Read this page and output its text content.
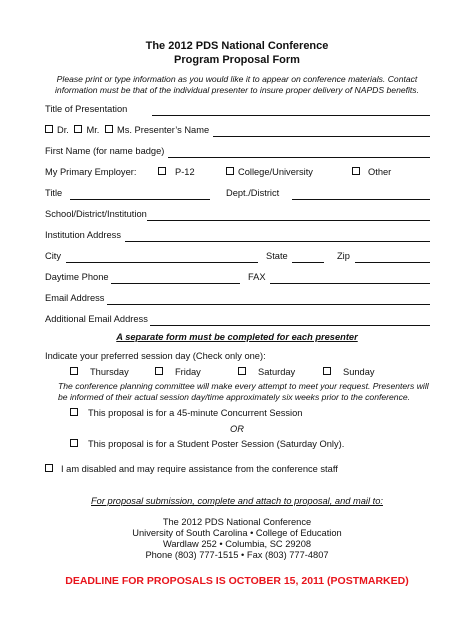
The 2012 PDS National Conference
Program Proposal Form
Please print or type information as you would like it to appear on conference materials. Contact
information must be that of the individual presenter to insure proper delivery of NAPDS benefits.
Title of Presentation
Dr. Mr. Ms. Presenter’s Name
First Name (for name badge)
My Primary Employer:	P-12	College/University	Other
Title	Dept./District
School/District/Institution
Institution Address
City	State	Zip
Daytime Phone	FAX
Email Address
Additional Email Address
A separate form must be completed for each presenter
Indicate your preferred session day (Check only one):
Thursday	Friday	Saturday	Sunday
The conference planning committee will make every attempt to meet your request. Presenters will
be informed of their actual session day/time approximately six weeks prior to the conference.
This proposal is for a 45-minute Concurrent Session
OR
This proposal is for a Student Poster Session (Saturday Only).
I am disabled and may require assistance from the conference staff
For proposal submission, complete and attach to proposal, and mail to:
The 2012 PDS National Conference
University of South Carolina • College of Education
Wardlaw 252 • Columbia, SC 29208
Phone (803) 777-1515 • Fax (803) 777-4807
DEADLINE FOR PROPOSALS IS OCTOBER 15, 2011 (POSTMARKED)
